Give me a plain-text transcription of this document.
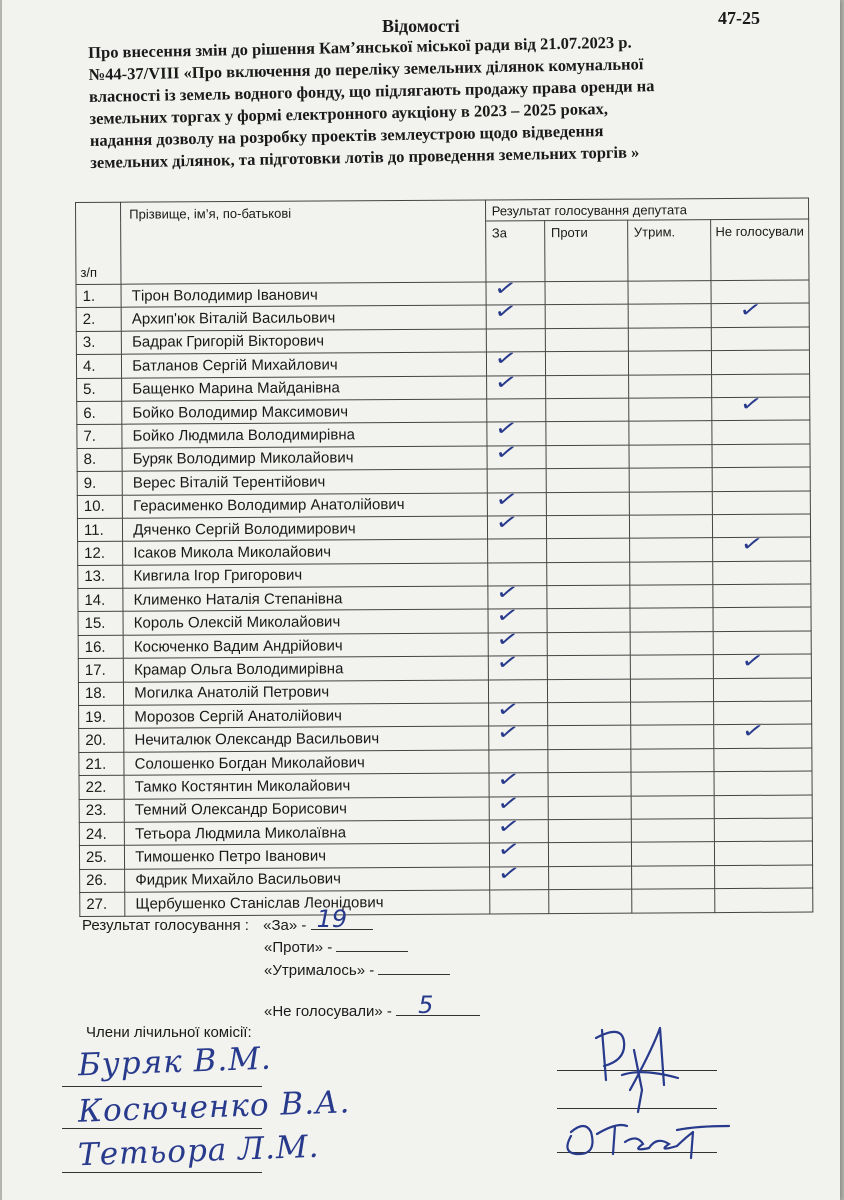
Відомості	47-25
Про внесення змін до рішення Кам’янської міської ради від 21.07.2023 р.
№44-37/VIII «Про включення до переліку земельних ділянок комунальної
власності із земель водного фонду, що підлягають продажу права оренди на
земельних торгах у формі електронного аукціону в 2023 – 2025 роках,
надання дозволу на розробку проектів землеустрою щодо відведення
земельних ділянок, та підготовки лотів до проведення земельних торгів »
з/п	Прізвище, ім’я, по-батькові	Результат голосування депутата			
		За	Проти	Утрим.	Не голосували
1.	Тірон Володимир Іванович	✓			

2.	Архип'юк Віталій Васильович	✓			✓

3.	Бадрак Григорій Вікторович				
4.	Батланов Сергій Михайлович	✓			

5.	Бащенко Марина Майданівна	✓			

6.	Бойко Володимир Максимович				✓

7.	Бойко Людмила Володимирівна	✓			

8.	Буряк Володимир Миколайович	✓			

9.	Верес Віталій Терентійович				
10.	Герасименко Володимир Анатолійович	✓			

11.	Дяченко Сергій Володимирович	✓			

12.	Ісаков Микола Миколайович				✓

13.	Кивгила Ігор Григорович				
14.	Клименко Наталія Степанівна	✓			

15.	Король Олексій Миколайович	✓			

16.	Косюченко Вадим Андрійович	✓			

17.	Крамар Ольга Володимирівна	✓			✓

18.	Могилка Анатолій Петрович				
19.	Морозов Сергій Анатолійович	✓			

20.	Нечиталюк Олександр Васильович	✓			✓

21.	Солошенко Богдан Миколайович				
22.	Тамко Костянтин Миколайович	✓			

23.	Темний Олександр Борисович	✓			

24.	Тетьора Людмила Миколаївна	✓			

25.	Тимошенко Петро Іванович	✓			

26.	Фидрик Михайло Васильович	✓			

27.	Щербушенко Станіслав Леонідович				
Результат голосування : «За» - 19
«Проти» -
«Утрималось» -
«Не голосували» - 5
Члени лічильної комісії:
Буряк В.М.
Косюченко В.А.
Тетьора Л.М.
